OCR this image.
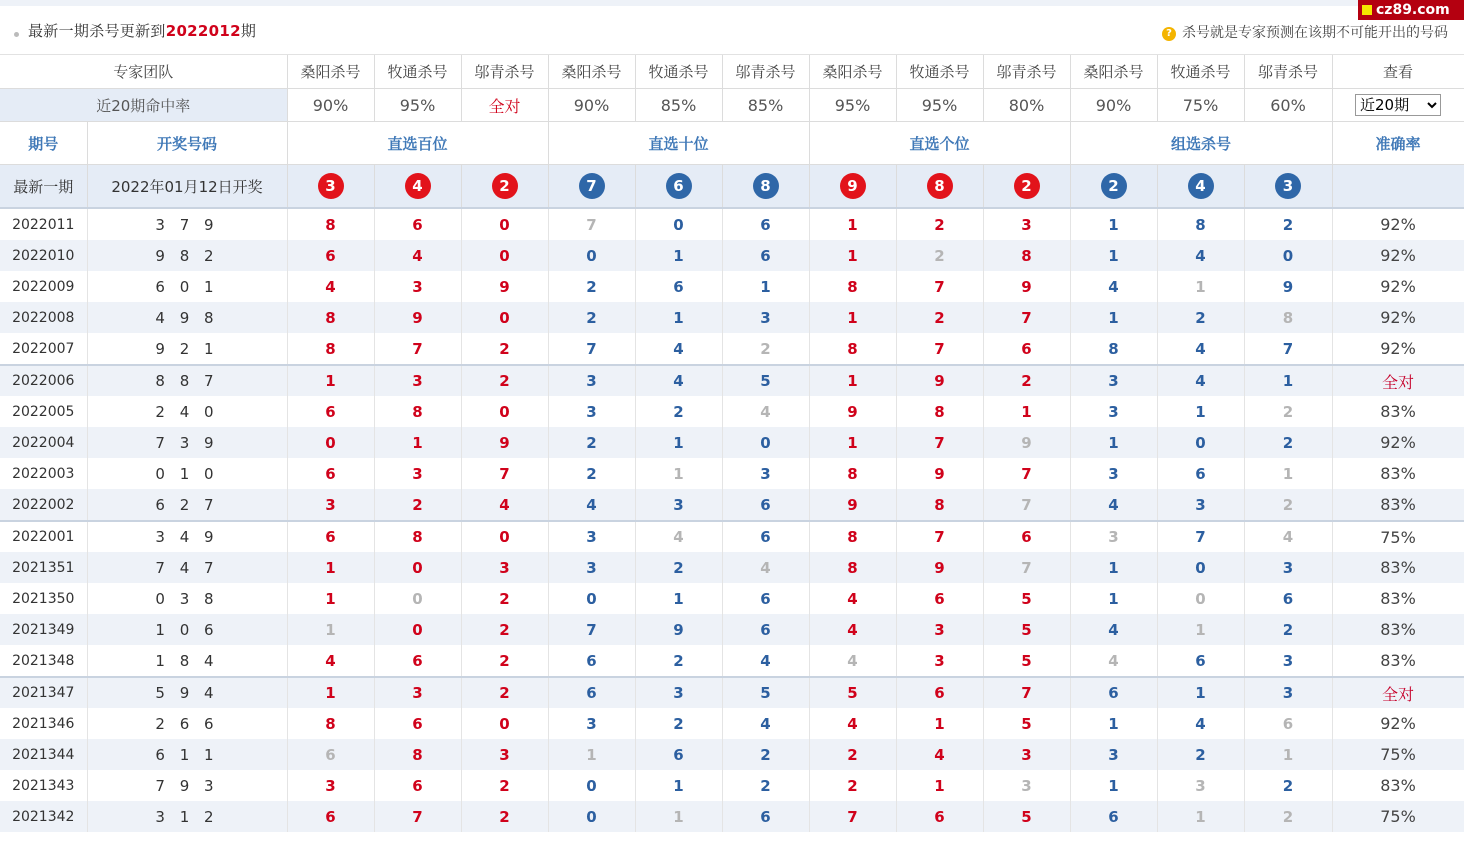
最新一期杀号更新到2022012期	? 杀号就是专家预测在该期不可能开出的号码
cz89.com
专家团队		桑阳杀号	牧通杀号	邬青杀号	桑阳杀号	牧通杀号	邬青杀号	桑阳杀号	牧通杀号	邬青杀号	桑阳杀号	牧通杀号	邬青杀号	查看
近20期命中率		90%	95%	全对	90%	85%	85%	95%	95%	80%	90%	75%	60%	
近20期
期号	开奖号码	直选百位			直选十位			直选个位			组选杀号			准确率
最新一期	2022年01月12日开奖	3	4	2	7	6	8	9	8	2	2	4	3	
2022011	3 7 9	8	6	0	7	0	6	1	2	3	1	8	2	92%
2022010	9 8 2	6	4	0	0	1	6	1	2	8	1	4	0	92%
2022009	6 0 1	4	3	9	2	6	1	8	7	9	4	1	9	92%
2022008	4 9 8	8	9	0	2	1	3	1	2	7	1	2	8	92%
2022007	9 2 1	8	7	2	7	4	2	8	7	6	8	4	7	92%
2022006	8 8 7	1	3	2	3	4	5	1	9	2	3	4	1	全对
2022005	2 4 0	6	8	0	3	2	4	9	8	1	3	1	2	83%
2022004	7 3 9	0	1	9	2	1	0	1	7	9	1	0	2	92%
2022003	0 1 0	6	3	7	2	1	3	8	9	7	3	6	1	83%
2022002	6 2 7	3	2	4	4	3	6	9	8	7	4	3	2	83%
2022001	3 4 9	6	8	0	3	4	6	8	7	6	3	7	4	75%
2021351	7 4 7	1	0	3	3	2	4	8	9	7	1	0	3	83%
2021350	0 3 8	1	0	2	0	1	6	4	6	5	1	0	6	83%
2021349	1 0 6	1	0	2	7	9	6	4	3	5	4	1	2	83%
2021348	1 8 4	4	6	2	6	2	4	4	3	5	4	6	3	83%
2021347	5 9 4	1	3	2	6	3	5	5	6	7	6	1	3	全对
2021346	2 6 6	8	6	0	3	2	4	4	1	5	1	4	6	92%
2021344	6 1 1	6	8	3	1	6	2	2	4	3	3	2	1	75%
2021343	7 9 3	3	6	2	0	1	2	2	1	3	1	3	2	83%
2021342	3 1 2	6	7	2	0	1	6	7	6	5	6	1	2	75%
